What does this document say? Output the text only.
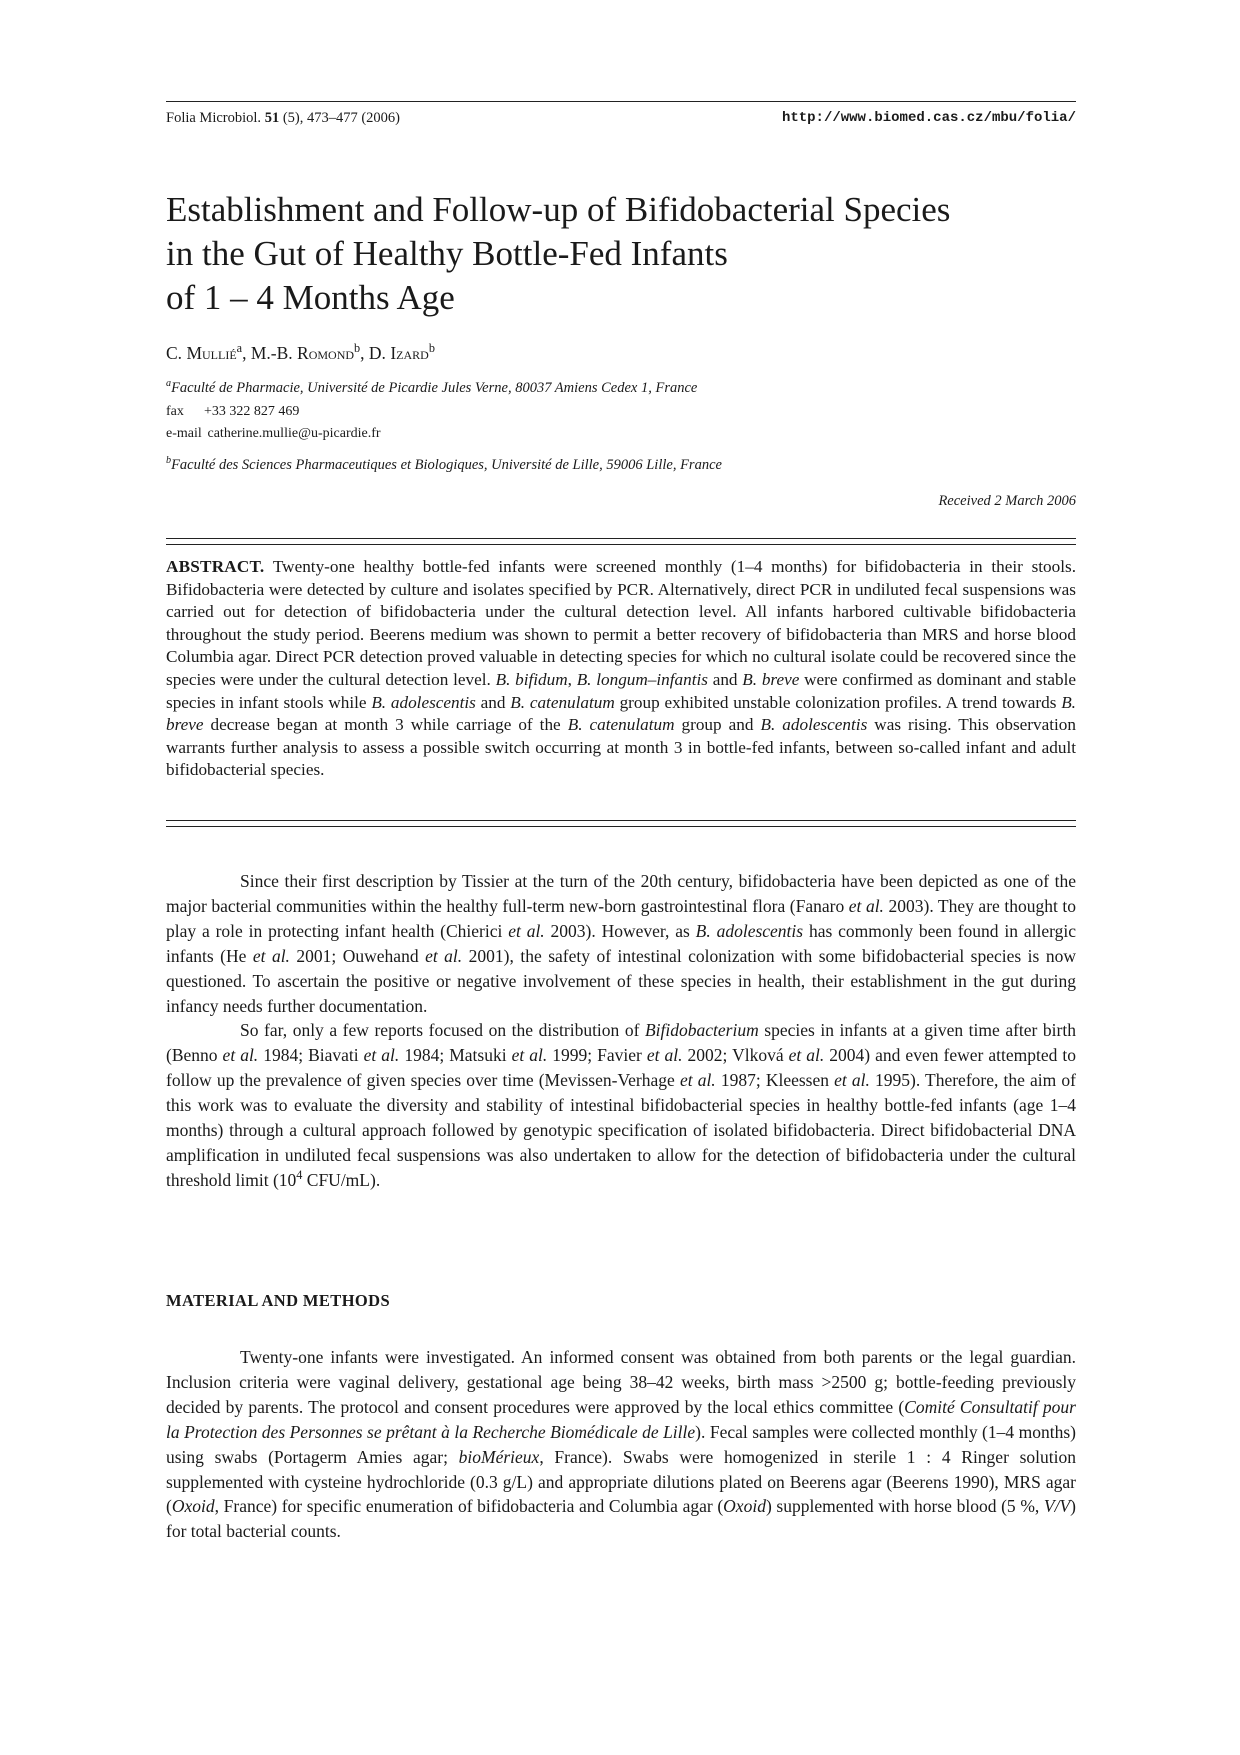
Folia Microbiol. 51 (5), 473–477 (2006)	http://www.biomed.cas.cz/mbu/folia/
Establishment and Follow-up of Bifidobacterial Species
in the Gut of Healthy Bottle-Fed Infants
of 1 – 4 Months Age
C. Mullié$^a$, M.-B. Romond$^b$, D. Izard$^b$
$^a$Faculté de Pharmacie, Université de Picardie Jules Verne, 80037 Amiens Cedex 1, France
fax +33 322 827 469
e-mail catherine.mullie@u-picardie.fr
$^b$Faculté des Sciences Pharmaceutiques et Biologiques, Université de Lille, 59006 Lille, France
Received 2 March 2006
ABSTRACT. Twenty-one healthy bottle-fed infants were screened monthly (1–4 months) for bifidobacteria in their stools. Bifidobacteria were detected by culture and isolates specified by PCR. Alternatively, direct PCR in undiluted fecal suspensions was carried out for detection of bifidobacteria under the cultural detection level. All infants harbored cultivable bifidobacteria throughout the study period. Beerens medium was shown to permit a better recovery of bifidobacteria than MRS and horse blood Columbia agar. Direct PCR detection proved valuable in detecting species for which no cultural isolate could be recovered since the species were under the cultural detection level. B. bifidum, B. longum–infantis and B. breve were confirmed as dominant and stable species in infant stools while B. adolescentis and B. catenulatum group exhibited unstable colonization profiles. A trend towards B. breve decrease began at month 3 while carriage of the B. catenulatum group and B. adolescentis was rising. This observation warrants further analysis to assess a possible switch occurring at month 3 in bottle-fed infants, between so-called infant and adult bifidobacterial species.

Since their first description by Tissier at the turn of the 20th century, bifidobacteria have been depicted as one of the major bacterial communities within the healthy full-term new-born gastrointestinal flora (Fanaro et al. 2003). They are thought to play a role in protecting infant health (Chierici et al. 2003). However, as B. adolescentis has commonly been found in allergic infants (He et al. 2001; Ouwehand et al. 2001), the safety of intestinal colonization with some bifidobacterial species is now questioned. To ascertain the positive or negative involvement of these species in health, their establishment in the gut during infancy needs further documentation.

So far, only a few reports focused on the distribution of Bifidobacterium species in infants at a given time after birth (Benno et al. 1984; Biavati et al. 1984; Matsuki et al. 1999; Favier et al. 2002; Vlková et al. 2004) and even fewer attempted to follow up the prevalence of given species over time (Mevissen-Verhage et al. 1987; Kleessen et al. 1995). Therefore, the aim of this work was to evaluate the diversity and stability of intestinal bifidobacterial species in healthy bottle-fed infants (age 1–4 months) through a cultural approach followed by genotypic specification of isolated bifidobacteria. Direct bifidobacterial DNA amplification in undiluted fecal suspensions was also undertaken to allow for the detection of bifidobacteria under the cultural threshold limit ($10^4$ CFU/mL).

MATERIAL AND METHODS

Twenty-one infants were investigated. An informed consent was obtained from both parents or the legal guardian. Inclusion criteria were vaginal delivery, gestational age being 38–42 weeks, birth mass >2500 g; bottle-feeding previously decided by parents. The protocol and consent procedures were approved by the local ethics committee (Comité Consultatif pour la Protection des Personnes se prêtant à la Recherche Biomédicale de Lille). Fecal samples were collected monthly (1–4 months) using swabs (Portagerm Amies agar; bioMérieux, France). Swabs were homogenized in sterile 1 : 4 Ringer solution supplemented with cysteine hydrochloride (0.3 g/L) and appropriate dilutions plated on Beerens agar (Beerens 1990), MRS agar (Oxoid, France) for specific enumeration of bifidobacteria and Columbia agar (Oxoid) supplemented with horse blood (5 %, V/V) for total bacterial counts.
